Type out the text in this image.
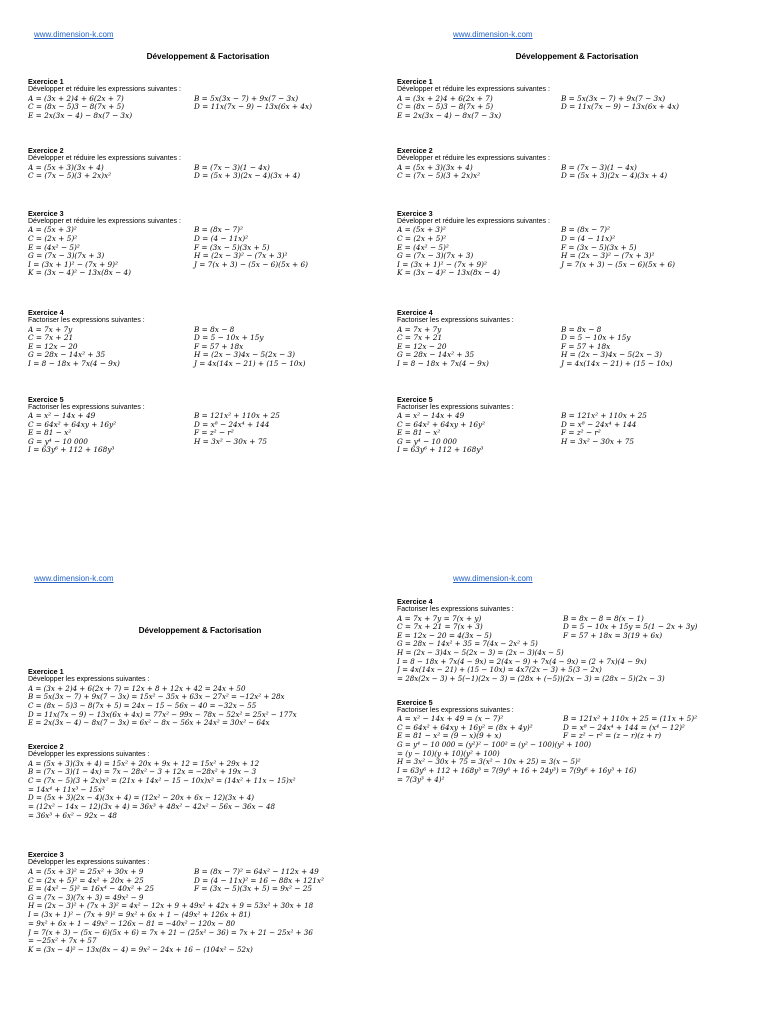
www.dimension-k.com
Développement & Factorisation
Exercice 1
Développer et réduire les expressions suivantes :
A = (3x + 2)4 + 6(2x + 7)	B = 5x(3x − 7) + 9x(7 − 3x)
C = (8x − 5)3 − 8(7x + 5)	D = 11x(7x − 9) − 13x(6x + 4x)
E = 2x(3x − 4) − 8x(7 − 3x)
Exercice 2
Développer et réduire les expressions suivantes :
A = (5x + 3)(3x + 4)	B = (7x − 3)(1 − 4x)
C = (7x − 5)(3 + 2x)x²	D = (5x + 3)(2x − 4)(3x + 4)
Exercice 3
Développer et réduire les expressions suivantes :
A = (5x + 3)²	B = (8x − 7)²
C = (2x + 5)²	D = (4 − 11x)²
E = (4x² − 5)²	F = (3x − 5)(3x + 5)
G = (7x − 3)(7x + 3)	H = (2x − 3)² − (7x + 3)²
I = (3x + 1)² − (7x + 9)²	J = 7(x + 3) − (5x − 6)(5x + 6)
K = (3x − 4)² − 13x(8x − 4)
Exercice 4
Factoriser les expressions suivantes :
A = 7x + 7y	B = 8x − 8
C = 7x + 21	D = 5 − 10x + 15y
E = 12x − 20	F = 57 + 18x
G = 28x − 14x² + 35	H = (2x − 3)4x − 5(2x − 3)
I = 8 − 18x + 7x(4 − 9x)	J = 4x(14x − 21) + (15 − 10x)
Exercice 5
Factoriser les expressions suivantes :
A = x² − 14x + 49	B = 121x² + 110x + 25
C = 64x² + 64xy + 16y²	D = x⁸ − 24x⁴ + 144
E = 81 − x²	F = z² − r²
G = y⁴ − 10 000	H = 3x² − 30x + 75
I = 63y⁶ + 112 + 168y³
www.dimension-k.com
Développement & Factorisation
Exercice 1
Développer et réduire les expressions suivantes :
A = (3x + 2)4 + 6(2x + 7)	B = 5x(3x − 7) + 9x(7 − 3x)
C = (8x − 5)3 − 8(7x + 5)	D = 11x(7x − 9) − 13x(6x + 4x)
E = 2x(3x − 4) − 8x(7 − 3x)
Exercice 2
Développer et réduire les expressions suivantes :
A = (5x + 3)(3x + 4)	B = (7x − 3)(1 − 4x)
C = (7x − 5)(3 + 2x)x²	D = (5x + 3)(2x − 4)(3x + 4)
Exercice 3
Développer et réduire les expressions suivantes :
A = (5x + 3)²	B = (8x − 7)²
C = (2x + 5)²	D = (4 − 11x)²
E = (4x² − 5)²	F = (3x − 5)(3x + 5)
G = (7x − 3)(7x + 3)	H = (2x − 3)² − (7x + 3)²
I = (3x + 1)² − (7x + 9)²	J = 7(x + 3) − (5x − 6)(5x + 6)
K = (3x − 4)² − 13x(8x − 4)
Exercice 4
Factoriser les expressions suivantes :
A = 7x + 7y	B = 8x − 8
C = 7x + 21	D = 5 − 10x + 15y
E = 12x − 20	F = 57 + 18x
G = 28x − 14x² + 35	H = (2x − 3)4x − 5(2x − 3)
I = 8 − 18x + 7x(4 − 9x)	J = 4x(14x − 21) + (15 − 10x)
Exercice 5
Factoriser les expressions suivantes :
A = x² − 14x + 49	B = 121x² + 110x + 25
C = 64x² + 64xy + 16y²	D = x⁸ − 24x⁴ + 144
E = 81 − x²	F = z² − r²
G = y⁴ − 10 000	H = 3x² − 30x + 75
I = 63y⁶ + 112 + 168y³
www.dimension-k.com
Développement & Factorisation
Exercice 1
Développer les expressions suivantes :
A = (3x + 2)4 + 6(2x + 7) = 12x + 8 + 12x + 42 = 24x + 50
B = 5x(3x − 7) + 9x(7 − 3x) = 15x² − 35x + 63x − 27x² = −12x² + 28x
C = (8x − 5)3 − 8(7x + 5) = 24x − 15 − 56x − 40 = −32x − 55
D = 11x(7x − 9) − 13x(6x + 4x) = 77x² − 99x − 78x − 52x² = 25x² − 177x
E = 2x(3x − 4) − 8x(7 − 3x) = 6x² − 8x − 56x + 24x² = 30x² − 64x
Exercice 2
Développer les expressions suivantes :
A = (5x + 3)(3x + 4) = 15x² + 20x + 9x + 12 = 15x² + 29x + 12
B = (7x − 3)(1 − 4x) = 7x − 28x² − 3 + 12x = −28x² + 19x − 3
C = (7x − 5)(3 + 2x)x² = (21x + 14x² − 15 − 10x)x² = (14x² + 11x − 15)x²
= 14x⁴ + 11x³ − 15x²
D = (5x + 3)(2x − 4)(3x + 4) = (12x² − 20x + 6x − 12)(3x + 4)
= (12x² − 14x − 12)(3x + 4) = 36x³ + 48x² − 42x² − 56x − 36x − 48
= 36x³ + 6x² − 92x − 48
Exercice 3
Développer les expressions suivantes :
A = (5x + 3)² = 25x² + 30x + 9	B = (8x − 7)² = 64x² − 112x + 49
C = (2x + 5)² = 4x² + 20x + 25	D = (4 − 11x)² = 16 − 88x + 121x²
E = (4x² − 5)² = 16x⁴ − 40x² + 25	F = (3x − 5)(3x + 5) = 9x² − 25
G = (7x − 3)(7x + 3) = 49x² − 9
H = (2x − 3)² + (7x + 3)² = 4x² − 12x + 9 + 49x² + 42x + 9 = 53x² + 30x + 18
I = (3x + 1)² − (7x + 9)² = 9x² + 6x + 1 − (49x² + 126x + 81)
= 9x² + 6x + 1 − 49x² − 126x − 81 = −40x² − 120x − 80
J = 7(x + 3) − (5x − 6)(5x + 6) = 7x + 21 − (25x² − 36) = 7x + 21 − 25x² + 36
= −25x² + 7x + 57
K = (3x − 4)² − 13x(8x − 4) = 9x² − 24x + 16 − (104x² − 52x)
www.dimension-k.com
Exercice 4
Factoriser les expressions suivantes :
A = 7x + 7y = 7(x + y)	B = 8x − 8 = 8(x − 1)
C = 7x + 21 = 7(x + 3)	D = 5 − 10x + 15y = 5(1 − 2x + 3y)
E = 12x − 20 = 4(3x − 5)	F = 57 + 18x = 3(19 + 6x)
G = 28x − 14x² + 35 = 7(4x − 2x² + 5)
H = (2x − 3)4x − 5(2x − 3) = (2x − 3)(4x − 5)
I = 8 − 18x + 7x(4 − 9x) = 2(4x − 9) + 7x(4 − 9x) = (2 + 7x)(4 − 9x)
J = 4x(14x − 21) + (15 − 10x) = 4x7(2x − 3) + 5(3 − 2x)
= 28x(2x − 3) + 5(−1)(2x − 3) = (28x + (−5))(2x − 3) = (28x − 5)(2x − 3)
Exercice 5
Factoriser les expressions suivantes :
A = x² − 14x + 49 = (x − 7)²	B = 121x² + 110x + 25 = (11x + 5)²
C = 64x² + 64xy + 16y² = (8x + 4y)²	D = x⁸ − 24x⁴ + 144 = (x⁴ − 12)²
E = 81 − x² = (9 − x)(9 + x)	F = z² − r² = (z − r)(z + r)
G = y⁴ − 10 000 = (y²)² − 100² = (y² − 100)(y² + 100)
= (y − 10)(y + 10)(y² + 100)
H = 3x² − 30x + 75 = 3(x² − 10x + 25) = 3(x − 5)²
I = 63y⁶ + 112 + 168y³ = 7(9y⁶ + 16 + 24y³) = 7(9y⁶ + 16y³ + 16)
= 7(3y³ + 4)²
